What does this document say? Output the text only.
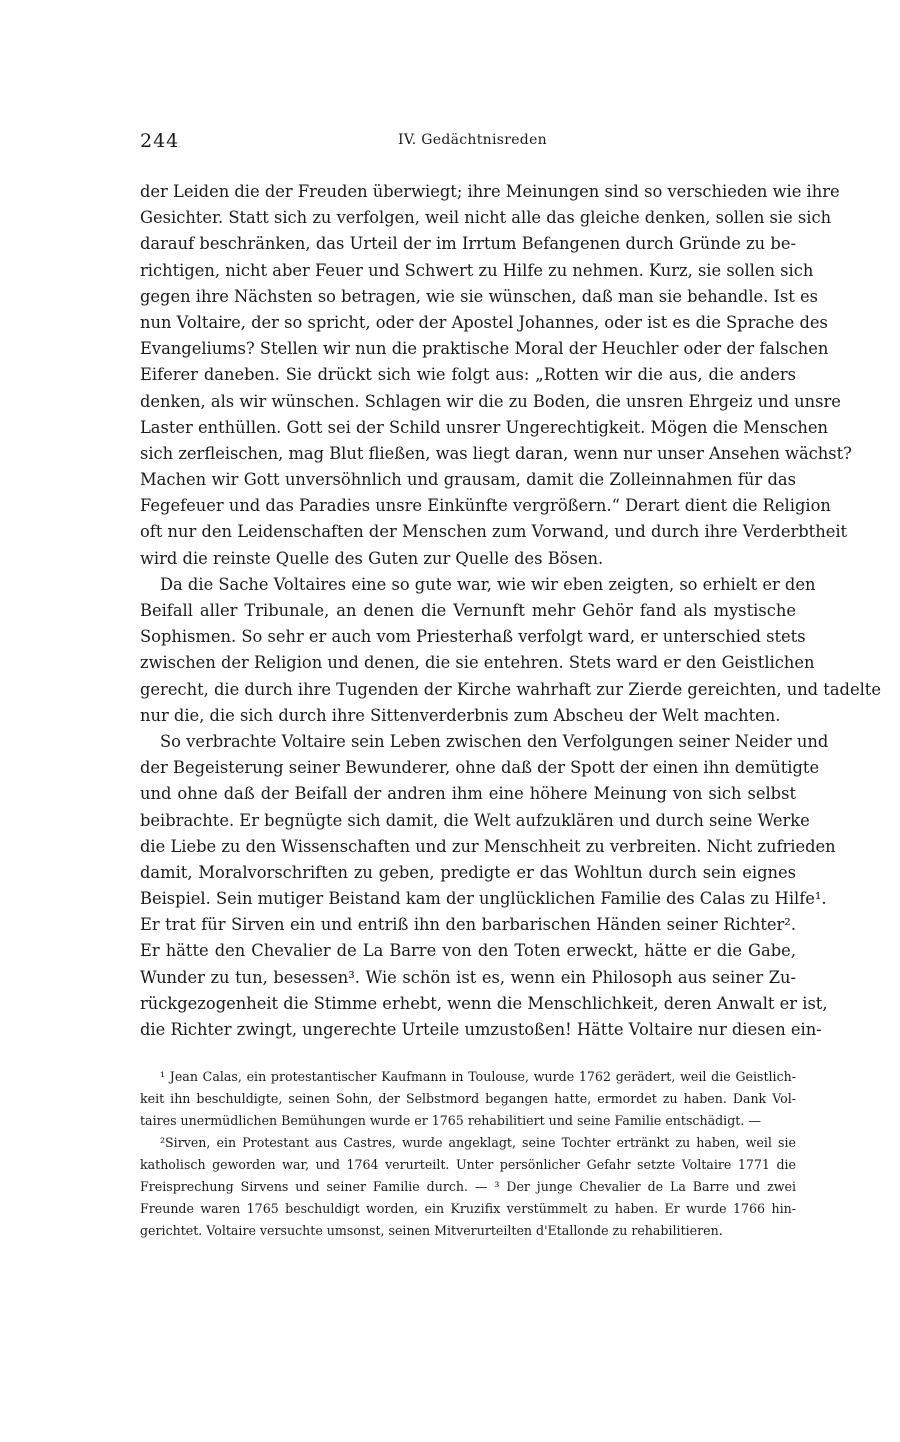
244	IV. Gedächtnisreden
der Leiden die der Freuden überwiegt; ihre Meinungen sind so verschieden wie ihre
Gesichter. Statt sich zu verfolgen, weil nicht alle das gleiche denken, sollen sie sich
darauf beschränken, das Urteil der im Irrtum Befangenen durch Gründe zu be-
richtigen, nicht aber Feuer und Schwert zu Hilfe zu nehmen. Kurz, sie sollen sich
gegen ihre Nächsten so betragen, wie sie wünschen, daß man sie behandle. Ist es
nun Voltaire, der so spricht, oder der Apostel Johannes, oder ist es die Sprache des
Evangeliums? Stellen wir nun die praktische Moral der Heuchler oder der falschen
Eiferer daneben. Sie drückt sich wie folgt aus: „Rotten wir die aus, die anders
denken, als wir wünschen. Schlagen wir die zu Boden, die unsren Ehrgeiz und unsre
Laster enthüllen. Gott sei der Schild unsrer Ungerechtigkeit. Mögen die Menschen
sich zerfleischen, mag Blut fließen, was liegt daran, wenn nur unser Ansehen wächst?
Machen wir Gott unversöhnlich und grausam, damit die Zolleinnahmen für das
Fegefeuer und das Paradies unsre Einkünfte vergrößern.“ Derart dient die Religion
oft nur den Leidenschaften der Menschen zum Vorwand, und durch ihre Verderbtheit
wird die reinste Quelle des Guten zur Quelle des Bösen.
Da die Sache Voltaires eine so gute war, wie wir eben zeigten, so erhielt er den
Beifall aller Tribunale, an denen die Vernunft mehr Gehör fand als mystische
Sophismen. So sehr er auch vom Priesterhaß verfolgt ward, er unterschied stets
zwischen der Religion und denen, die sie entehren. Stets ward er den Geistlichen
gerecht, die durch ihre Tugenden der Kirche wahrhaft zur Zierde gereichten, und tadelte
nur die, die sich durch ihre Sittenverderbnis zum Abscheu der Welt machten.
So verbrachte Voltaire sein Leben zwischen den Verfolgungen seiner Neider und
der Begeisterung seiner Bewunderer, ohne daß der Spott der einen ihn demütigte
und ohne daß der Beifall der andren ihm eine höhere Meinung von sich selbst
beibrachte. Er begnügte sich damit, die Welt aufzuklären und durch seine Werke
die Liebe zu den Wissenschaften und zur Menschheit zu verbreiten. Nicht zufrieden
damit, Moralvorschriften zu geben, predigte er das Wohltun durch sein eignes
Beispiel. Sein mutiger Beistand kam der unglücklichen Familie des Calas zu Hilfe¹.
Er trat für Sirven ein und entriß ihn den barbarischen Händen seiner Richter².
Er hätte den Chevalier de La Barre von den Toten erweckt, hätte er die Gabe,
Wunder zu tun, besessen³. Wie schön ist es, wenn ein Philosoph aus seiner Zu-
rückgezogenheit die Stimme erhebt, wenn die Menschlichkeit, deren Anwalt er ist,
die Richter zwingt, ungerechte Urteile umzustoßen! Hätte Voltaire nur diesen ein-
¹ Jean Calas, ein protestantischer Kaufmann in Toulouse, wurde 1762 gerädert, weil die Geistlich-
keit ihn beschuldigte, seinen Sohn, der Selbstmord begangen hatte, ermordet zu haben. Dank Vol-
taires unermüdlichen Bemühungen wurde er 1765 rehabilitiert und seine Familie entschädigt. —
²Sirven, ein Protestant aus Castres, wurde angeklagt, seine Tochter ertränkt zu haben, weil sie
katholisch geworden war, und 1764 verurteilt. Unter persönlicher Gefahr setzte Voltaire 1771 die
Freisprechung Sirvens und seiner Familie durch. — ³ Der junge Chevalier de La Barre und zwei
Freunde waren 1765 beschuldigt worden, ein Kruzifix verstümmelt zu haben. Er wurde 1766 hin-
gerichtet. Voltaire versuchte umsonst, seinen Mitverurteilten d'Etallonde zu rehabilitieren.
